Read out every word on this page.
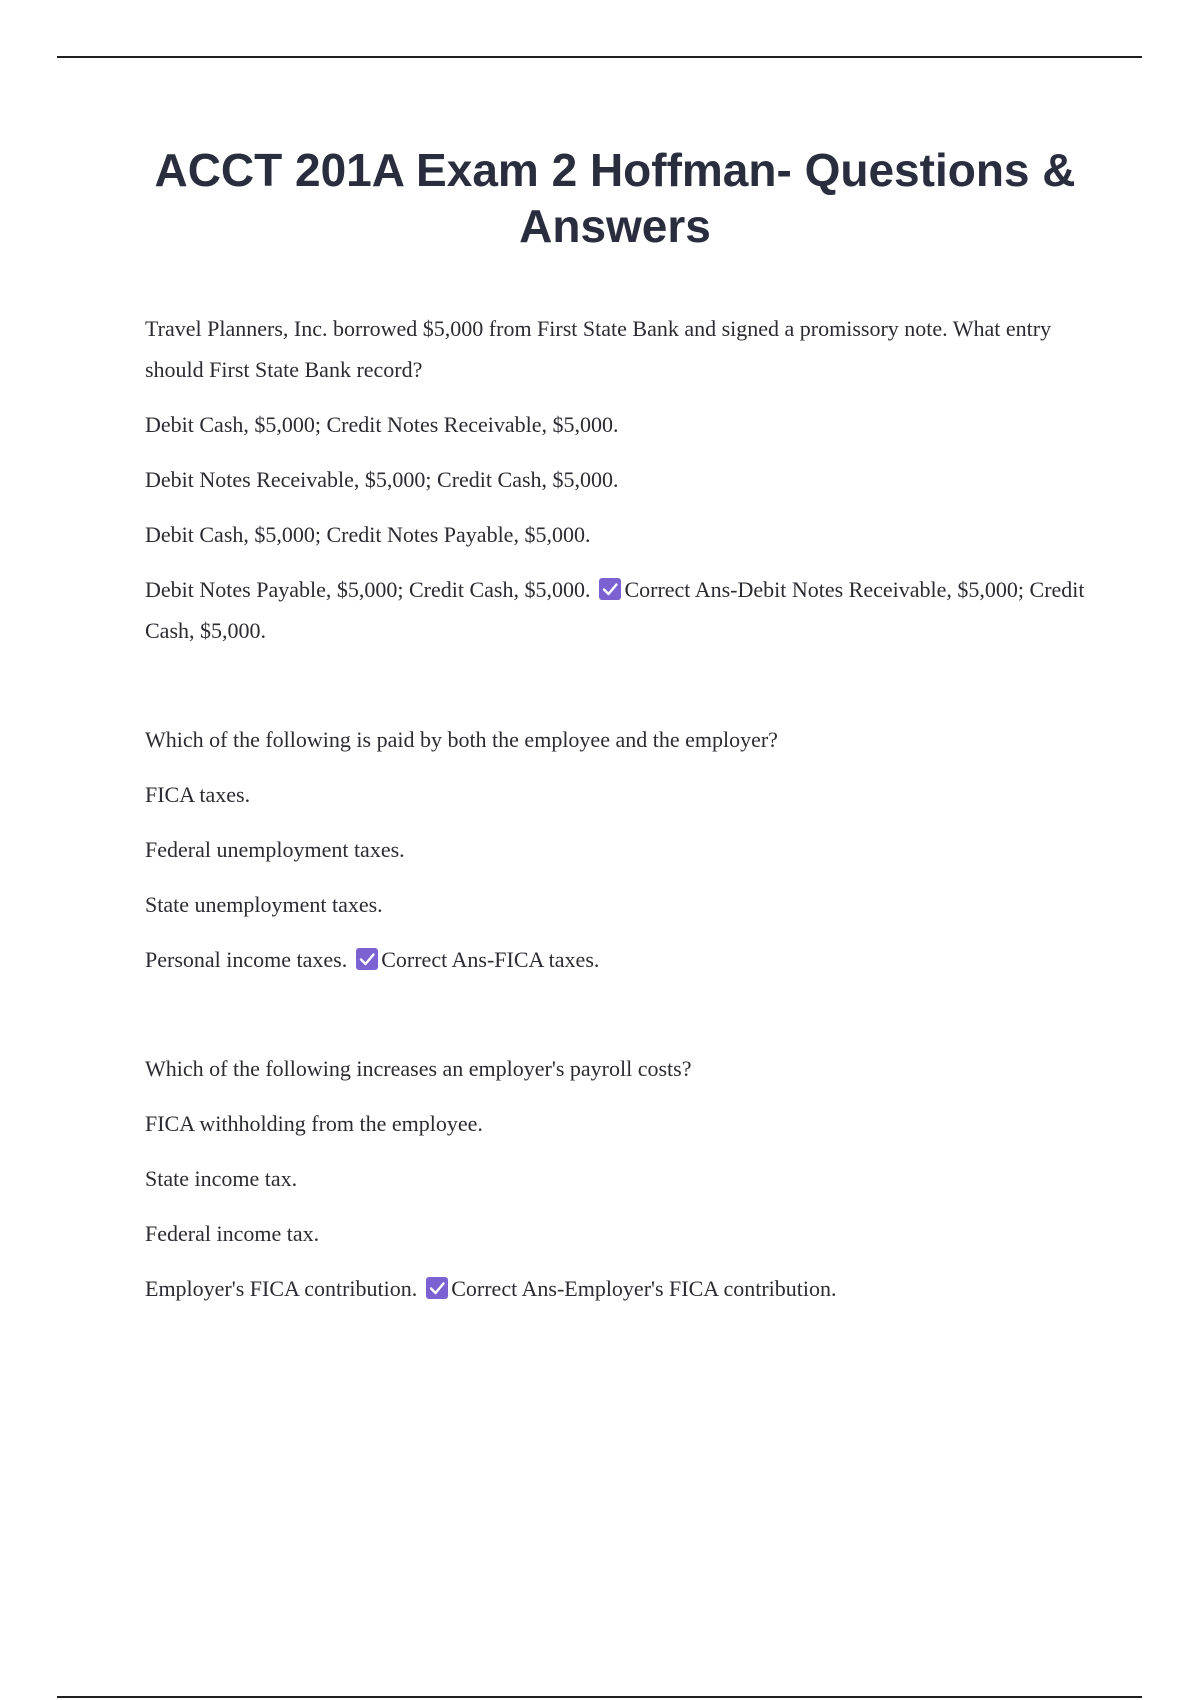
ACCT 201A Exam 2 Hoffman- Questions & Answers

Travel Planners, Inc. borrowed $5,000 from First State Bank and signed a promissory note. What entry should First State Bank record?

Debit Cash, $5,000; Credit Notes Receivable, $5,000.

Debit Notes Receivable, $5,000; Credit Cash, $5,000.

Debit Cash, $5,000; Credit Notes Payable, $5,000.

Debit Notes Payable, $5,000; Credit Cash, $5,000. Correct Ans-Debit Notes Receivable, $5,000; Credit Cash, $5,000.

Which of the following is paid by both the employee and the employer?

FICA taxes.

Federal unemployment taxes.

State unemployment taxes.

Personal income taxes. Correct Ans-FICA taxes.

Which of the following increases an employer's payroll costs?

FICA withholding from the employee.

State income tax.

Federal income tax.

Employer's FICA contribution. Correct Ans-Employer's FICA contribution.
